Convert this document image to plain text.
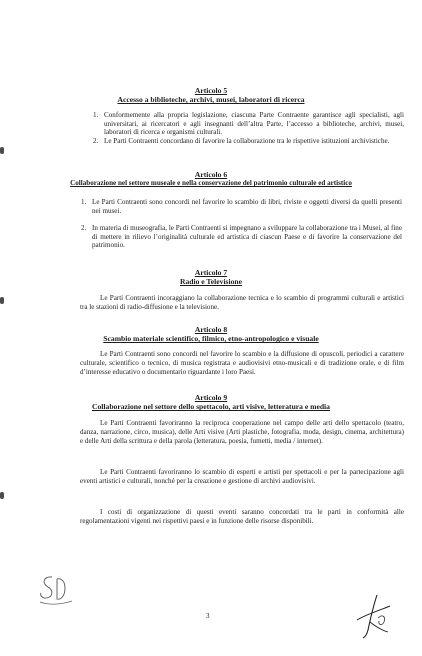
Articolo 5
Accesso a biblioteche, archivi, musei, laboratori di ricerca
1. Conformemente alla propria legislazione, ciascuna Parte Contraente garantisce agli specialisti, agli universitari, ai ricercatori e agli insegnanti dell’altra Parte, l’accesso a biblioteche, archivi, musei, laboratori di ricerca e organismi culturali.
2. Le Parti Contraenti concordano di favorire la collaborazione tra le rispettive istituzioni archivistiche.
Articolo 6
Collaborazione nel settore museale e nella conservazione del patrimonio culturale ed artistico
1. Le Parti Contraenti sono concordi nel favorire lo scambio di libri, riviste e oggetti diversi da quelli presenti nei musei.
2. In materia di museografia, le Parti Contraenti si impegnano a sviluppare la collaborazione tra i Musei, al fine di mettere in rilievo l’originalità culturale ed artistica di ciascun Paese e di favorire la conservazione del patrimonio.
Articolo 7
Radio e Televisione

Le Parti Contraenti incoraggiano la collaborazione tecnica e lo scambio di programmi culturali e artistici tra le stazioni di radio-diffusione e la televisione.

Articolo 8
Scambio materiale scientifico, filmico, etno-antropologico e visuale

Le Parti Contraenti sono concordi nel favorire lo scambio e la diffusione di opuscoli, periodici a carattere culturale, scientifico o tecnico, di musica registrata e audiovisivi etno-musicali e di tradizione orale, e di film d’interesse educativo o documentario riguardante i loro Paesi.

Articolo 9
Collaborazione nel settore dello spettacolo, arti visive, letteratura e media

Le Parti Contraenti favoriranno la reciproca cooperazione nel campo delle arti dello spettacolo (teatro, danza, narrazione, circo, musica), delle Arti visive (Arti plastiche, fotografia, moda, design, cinema, architettura) e delle Arti della scrittura e della parola (letteratura, poesia, fumetti, media / internet).

Le Parti Contraenti favoriranno lo scambio di esperti e artisti per spettacoli e per la partecipazione agli eventi artistici e culturali, nonché per la creazione e gestione di archivi audiovisivi.

I costi di organizzazione di questi eventi saranno concordati tra le parti in conformità alle regolamentazioni vigenti nei rispettivi paesi e in funzione delle risorse disponibili.

3
